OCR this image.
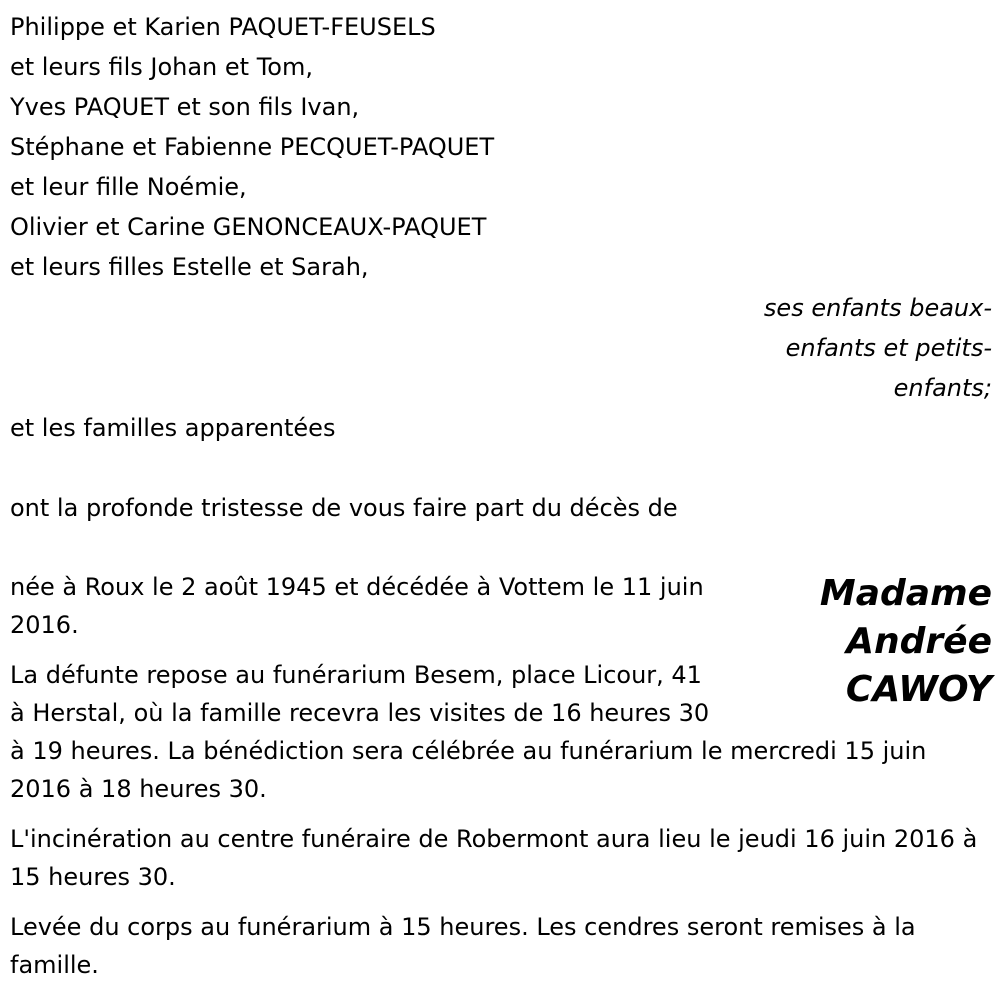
Philippe et Karien PAQUET-FEUSELS
et leurs fils Johan et Tom,
Yves PAQUET et son fils Ivan,
Stéphane et Fabienne PECQUET-PAQUET
et leur fille Noémie,
Olivier et Carine GENONCEAUX-PAQUET
et leurs filles Estelle et Sarah,
ses enfants beaux-
enfants et petits-
enfants;
et les familles apparentées
ont la profonde tristesse de vous faire part du décès de
Madame
Andrée
CAWOY
née à Roux le 2 août 1945 et décédée à Vottem le 11 juin 2016.
La défunte repose au funérarium Besem, place Licour, 41 à Herstal, où la famille recevra les visites de 16 heures 30 à 19 heures. La bénédiction sera célébrée au funérarium le mercredi 15 juin 2016 à 18 heures 30.
L'incinération au centre funéraire de Robermont aura lieu le jeudi 16 juin 2016 à 15 heures 30.
Levée du corps au funérarium à 15 heures. Les cendres seront remises à la famille.
